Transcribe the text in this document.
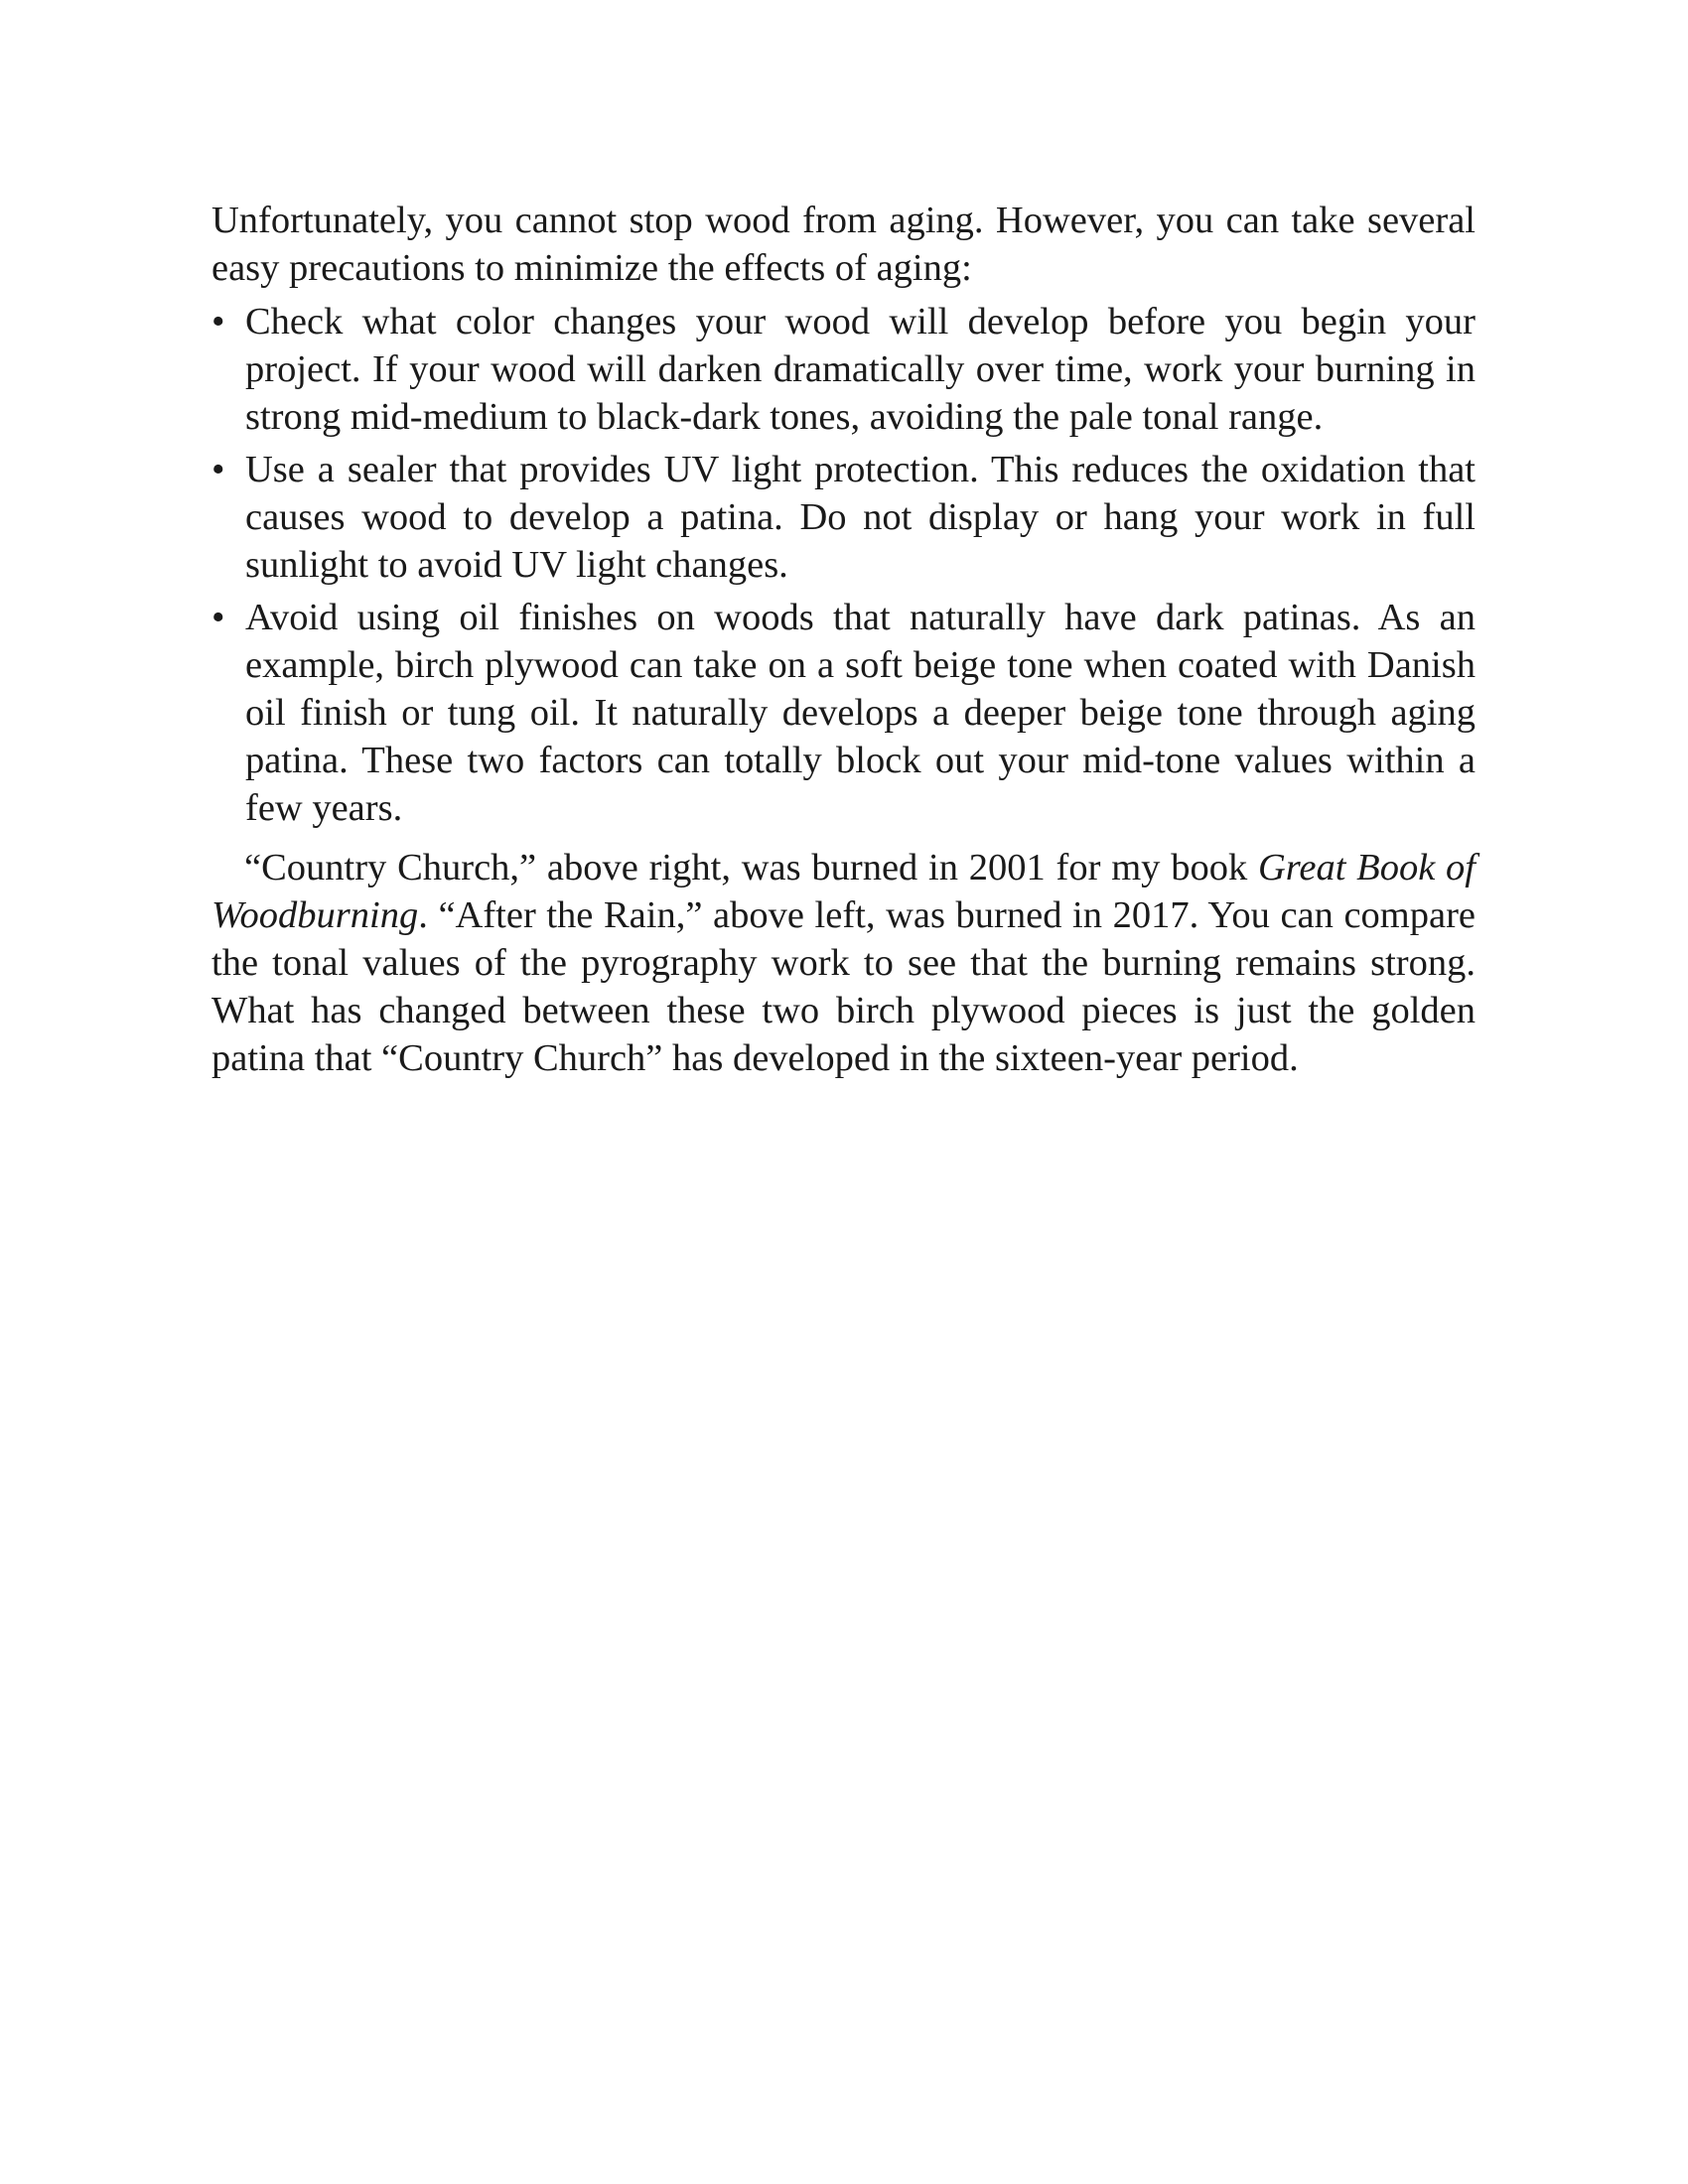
Unfortunately, you cannot stop wood from aging. However, you can take several easy precautions to minimize the effects of aging:

• Check what color changes your wood will develop before you begin your project. If your wood will darken dramatically over time, work your burning in strong mid-medium to black-dark tones, avoiding the pale tonal range.
• Use a sealer that provides UV light protection. This reduces the oxidation that causes wood to develop a patina. Do not display or hang your work in full sunlight to avoid UV light changes.
• Avoid using oil finishes on woods that naturally have dark patinas. As an example, birch plywood can take on a soft beige tone when coated with Danish oil finish or tung oil. It naturally develops a deeper beige tone through aging patina. These two factors can totally block out your mid-tone values within a few years.

“Country Church,” above right, was burned in 2001 for my book Great Book of Woodburning. “After the Rain,” above left, was burned in 2017. You can compare the tonal values of the pyrography work to see that the burning remains strong. What has changed between these two birch plywood pieces is just the golden patina that “Country Church” has developed in the sixteen-year period.
